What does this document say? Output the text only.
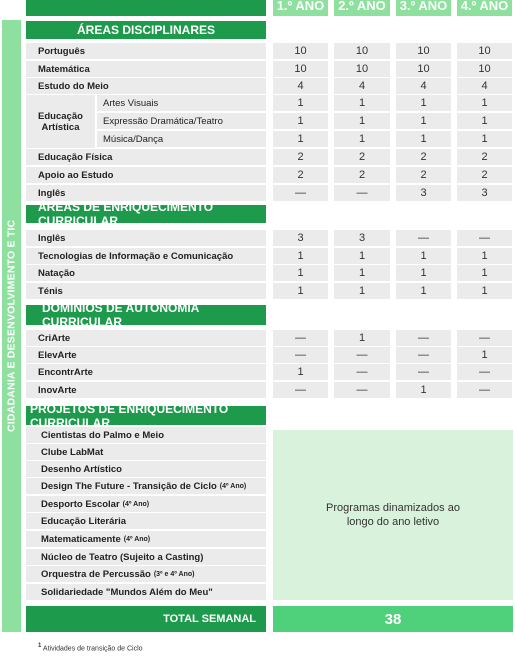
1.º ANO 2.º ANO 3.º ANO 4.º ANO
CIDADANIA E DESENVOLVIMENTO E TIC
ÁREAS DISCIPLINARES
Português	10	10	10	10
Matemática	10	10	10	10
Estudo do Meio	4	4	4	4
Educação Artística
Artes Visuais	1	1	1	1
Expressão Dramática/Teatro	1	1	1	1
Música/Dança	1	1	1	1
Educação Física	2	2	2	2
Apoio ao Estudo	2	2	2	2
Inglês	—	—	3	3
Inglês	3	3	—	—
Tecnologias de Informação e Comunicação	1	1	1	1
Natação	1	1	1	1
Ténis	1	1	1	1
CriArte	—	1	—	—
ElevArte	—	—	—	1
EncontrArte	1	—	—	—
InovArte	—	—	1	—
Cientistas do Palmo e Meio
Clube LabMat
Desenho Artístico
Design The Future - Transição de Ciclo (4º Ano)
Desporto Escolar (4º Ano)
Educação Literária
Matematicamente (4º Ano)
Núcleo de Teatro (Sujeito a Casting)
Orquestra de Percussão (3º e 4º Ano)
Solidariedade "Mundos Além do Meu"
ÁREAS DE ENRIQUECIMENTO CURRICULAR
DOMÍNIOS DE AUTONOMIA CURRICULAR
PROJETOS DE ENRIQUECIMENTO CURRICULAR
Programas dinamizados ao longo do ano letivo
TOTAL SEMANAL	38
$^1$ Atividades de transição de Ciclo
